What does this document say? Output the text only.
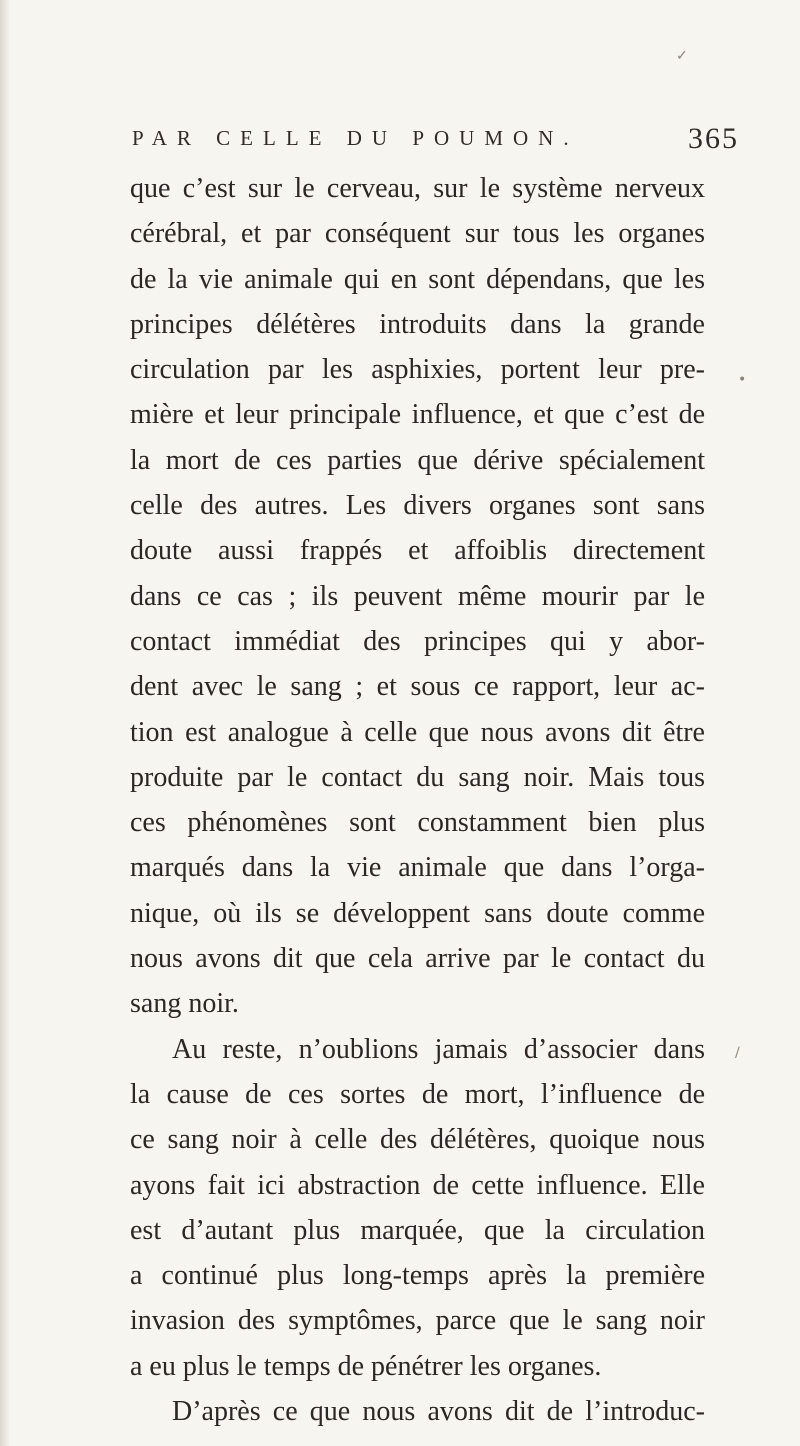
PAR CELLE DU POUMON.	365
que c’est sur le cerveau, sur le système nerveux
cérébral, et par conséquent sur tous les organes
de la vie animale qui en sont dépendans, que les
principes délétères introduits dans la grande
circulation par les asphixies, portent leur pre-
mière et leur principale influence, et que c’est de
la mort de ces parties que dérive spécialement
celle des autres. Les divers organes sont sans
doute aussi frappés et affoiblis directement
dans ce cas ; ils peuvent même mourir par le
contact immédiat des principes qui y abor-
dent avec le sang ; et sous ce rapport, leur ac-
tion est analogue à celle que nous avons dit être
produite par le contact du sang noir. Mais tous
ces phénomènes sont constamment bien plus
marqués dans la vie animale que dans l’orga-
nique, où ils se développent sans doute comme
nous avons dit que cela arrive par le contact du
sang noir.
Au reste, n’oublions jamais d’associer dans
la cause de ces sortes de mort, l’influence de
ce sang noir à celle des délétères, quoique nous
ayons fait ici abstraction de cette influence. Elle
est d’autant plus marquée, que la circulation
a continué plus long-temps après la première
invasion des symptômes, parce que le sang noir
a eu plus le temps de pénétrer les organes.
D’après ce que nous avons dit de l’introduc-
•
/
✓
